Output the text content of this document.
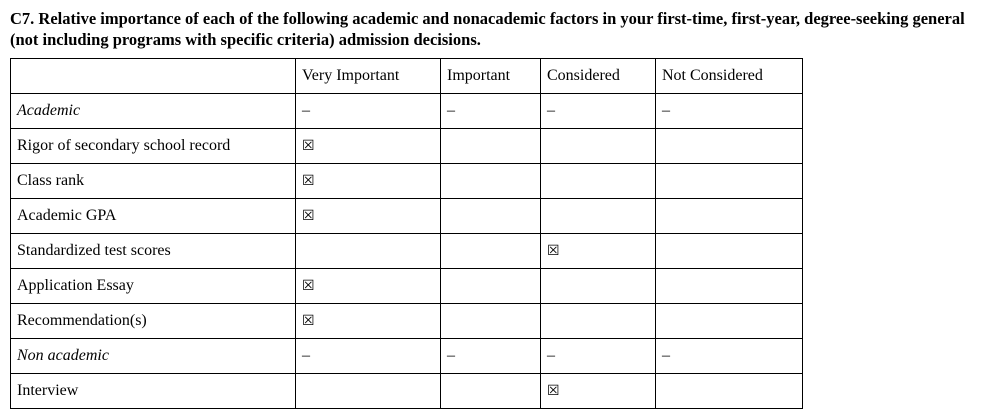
C7. Relative importance of each of the following academic and nonacademic factors in your first-time, first-year, degree-seeking general (not including programs with specific criteria) admission decisions.
	Very Important	Important	Considered	Not Considered
Academic	–	–	–	–
Rigor of secondary school record	☒			
Class rank	☒			
Academic GPA	☒			
Standardized test scores			☒	
Application Essay	☒			
Recommendation(s)	☒			
Non academic	–	–	–	–
Interview			☒	
